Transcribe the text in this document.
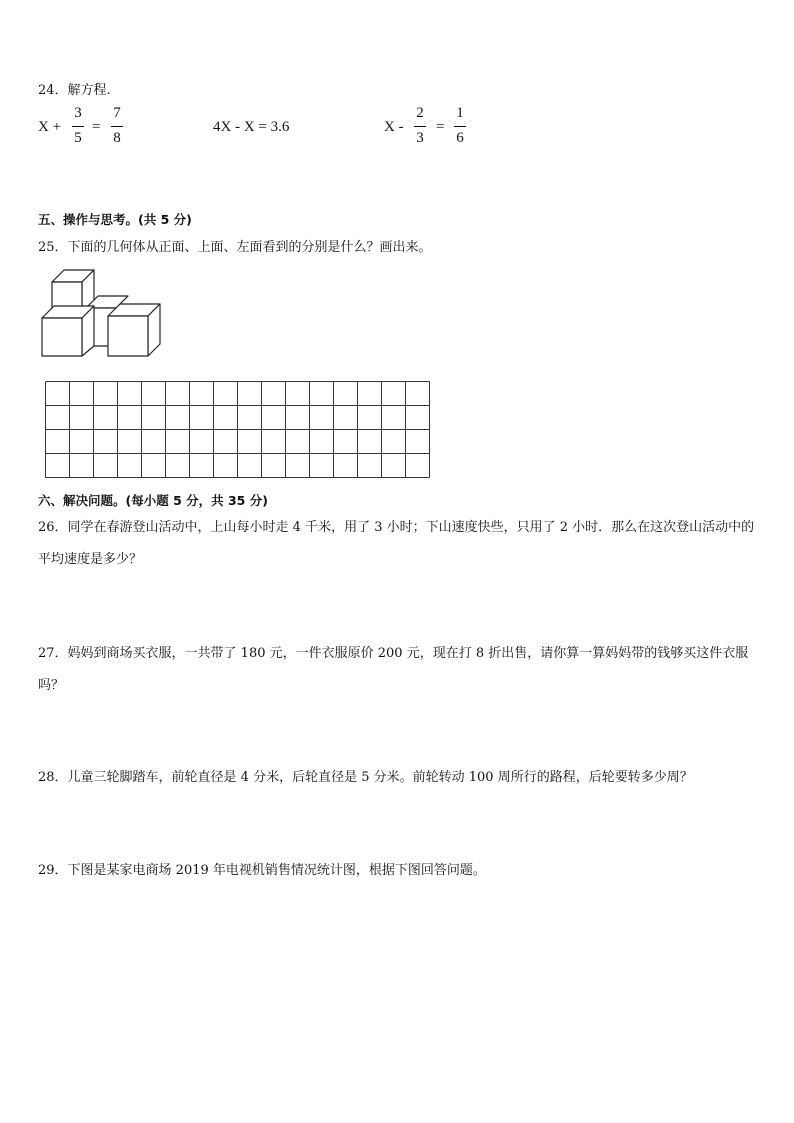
24．解方程.
X +
3
5
=
7
8
4X - X = 3.6	X -
2
3
=
1
6
五、操作与思考。(共 5 分)
25．下面的几何体从正面、上面、左面看到的分别是什么？画出来。
六、解决问题。(每小题 5 分，共 35 分)
26．同学在春游登山活动中，上山每小时走 4 千米，用了 3 小时；下山速度快些，只用了 2 小时．那么在这次登山活动中的平均速度是多少？
27．妈妈到商场买衣服，一共带了 180 元，一件衣服原价 200 元，现在打 8 折出售，请你算一算妈妈带的钱够买这件衣服吗？
28．儿童三轮脚踏车，前轮直径是 4 分米，后轮直径是 5 分米。前轮转动 100 周所行的路程，后轮要转多少周？
29．下图是某家电商场 2019 年电视机销售情况统计图，根据下图回答问题。
